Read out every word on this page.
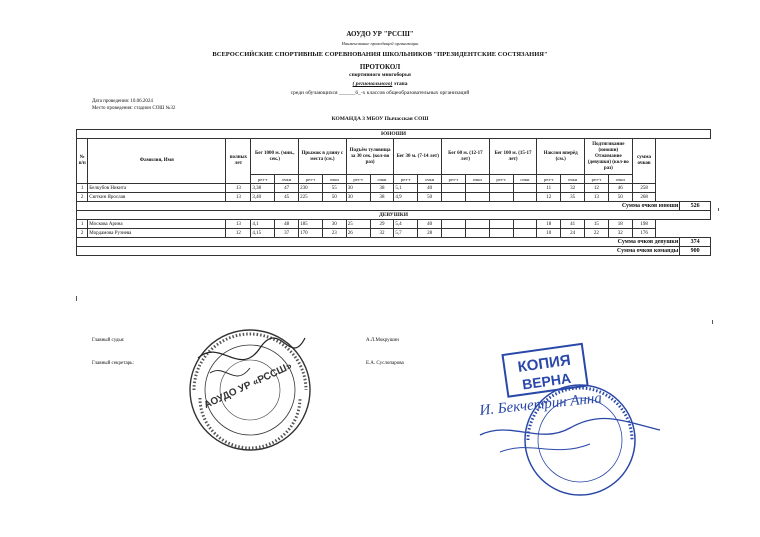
АОУДО УР "РССШ"
Наименование проводящей организации
ВСЕРОССИЙСКИЕ СПОРТИВНЫЕ СОРЕВНОВАНИЯ ШКОЛЬНИКОВ "ПРЕЗИДЕНТСКИЕ СОСТЯЗАНИЯ"
ПРОТОКОЛ
спортивного многоборья
( регионального) этапа
среди обучающихся ______6_-х классов общеобразовательных организаций
Дата проведения: 10.06.2024
Место проведения: стадион СОШ №32
КОМАНДА 3 МБОУ Пычасская СОШ
ЮНОШИ																				
№ п/п	Фамилия, Имя	полных лет	Бег 1000 м. (мин., сек.)		Прыжок в длину с места (см.)		Подъём туловища за 30 сек. (кол-во раз)		Бег 30 м. (7-14 лет)		Бег 60 м. (12-17 лет)		Бег 100 м. (15-17 лет)		Наклон вперёд (см.)		Подтягивание (юноши) Отжимание (девушки) (кол-во раз)		сумма очков	
			рез-т	очки	рез-т	очки	рез-т	очки	рез-т	очки	рез-т	очки	рез-т	очки	рез-т	очки	рез-т	очки		
1	Белкубов Никита	13	3,38	47	230	55	30	38	5,1	40					11	32	12	46	258	
2	Сюткин Ярослав	13	3,40	45	225	50	30	38	4,9	50					12	35	13	50	268	
Сумма очков юноши																				526
ДЕВУШКИ																				
1	Москова Арина	13	4,1	48	185	30	25	29	5,4	40					18	41	15	18	198	
2	Мордамова Рузиева	12	4,15	37	170	23	26	32	5,7	28					10	24	22	32	176	
Сумма очков девушки																				374
Сумма очков команды																				900
Главный судья:	А.Л.Мокрушин
Главный секретарь:	Е.А. Суслопарова
АОУДО УР «РССШ»	КОПИЯ
ВЕРНА
И. Бекчетрин Анна
